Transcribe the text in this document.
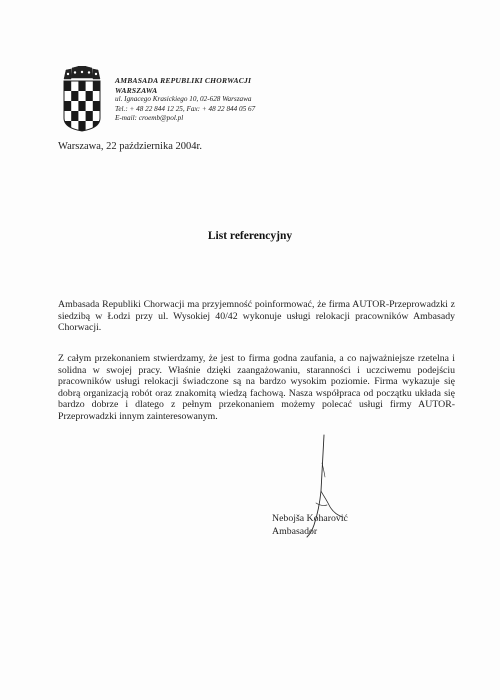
AMBASADA REPUBLIKI CHORWACJI
WARSZAWA
ul. Ignacego Krasickiego 10, 02-628 Warszawa
Tel.: + 48 22 844 12 25, Fax: + 48 22 844 05 67
E-mail: croemb@pol.pl
Warszawa, 22 października 2004r.
List referencyjny

Ambasada Republiki Chorwacji ma przyjemność poinformować, że firma AUTOR-Przeprowadzki z siedzibą w Łodzi przy ul. Wysokiej 40/42 wykonuje usługi relokacji pracowników Ambasady Chorwacji.

Z całym przekonaniem stwierdzamy, że jest to firma godna zaufania, a co najważniejsze rzetelna i solidna w swojej pracy. Właśnie dzięki zaangażowaniu, staranności i uczciwemu podejściu pracowników usługi relokacji świadczone są na bardzo wysokim poziomie. Firma wykazuje się dobrą organizacją robót oraz znakomitą wiedzą fachową. Nasza współpraca od początku układa się bardzo dobrze i dlatego z pełnym przekonaniem możemy polecać usługi firmy AUTOR-Przeprowadzki innym zainteresowanym.

Nebojša Koharović
Ambasador
